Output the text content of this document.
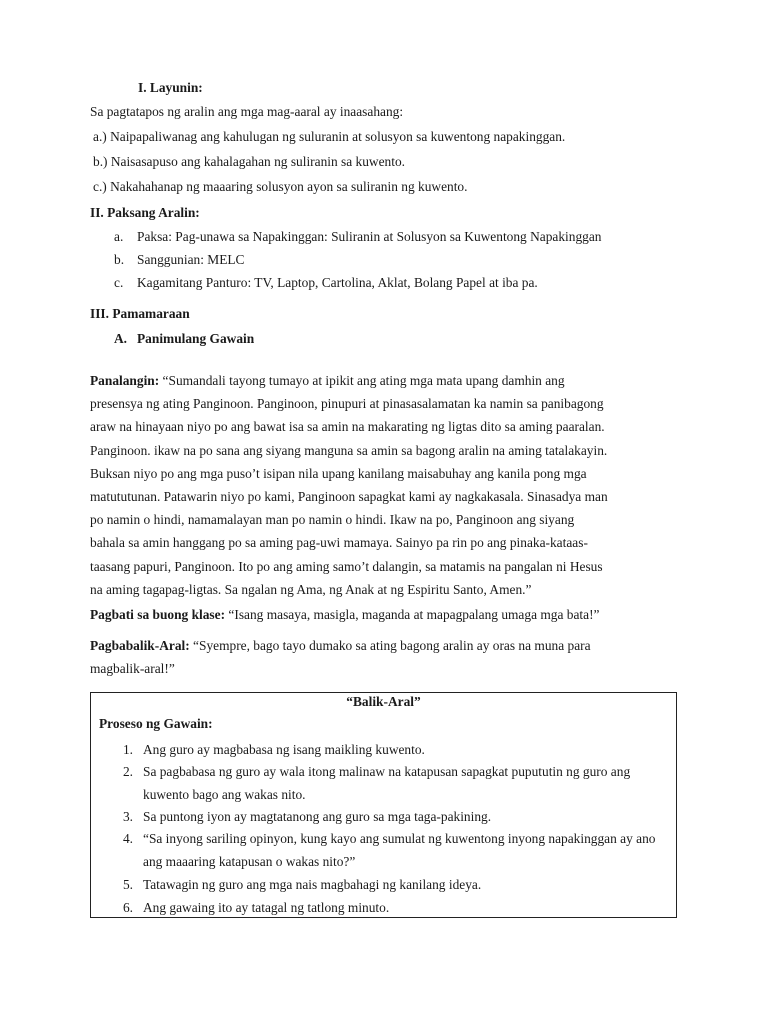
I. Layunin:
Sa pagtatapos ng aralin ang mga mag-aaral ay inaasahang:
a.) Naipapaliwanag ang kahulugan ng suluranin at solusyon sa kuwentong napakinggan.
b.) Naisasapuso ang kahalagahan ng suliranin sa kuwento.
c.) Nakahahanap ng maaaring solusyon ayon sa suliranin ng kuwento.
II. Paksang Aralin:
a. Paksa: Pag-unawa sa Napakinggan: Suliranin at Solusyon sa Kuwentong Napakinggan
b. Sanggunian: MELC
c. Kagamitang Panturo: TV, Laptop, Cartolina, Aklat, Bolang Papel at iba pa.
III. Pamamaraan
A. Panimulang Gawain
Panalangin: “Sumandali tayong tumayo at ipikit ang ating mga mata upang damhin ang
presensya ng ating Panginoon. Panginoon, pinupuri at pinasasalamatan ka namin sa panibagong
araw na hinayaan niyo po ang bawat isa sa amin na makarating ng ligtas dito sa aming paaralan.
Panginoon. ikaw na po sana ang siyang manguna sa amin sa bagong aralin na aming tatalakayin.
Buksan niyo po ang mga puso’t isipan nila upang kanilang maisabuhay ang kanila pong mga
matututunan. Patawarin niyo po kami, Panginoon sapagkat kami ay nagkakasala. Sinasadya man
po namin o hindi, namamalayan man po namin o hindi. Ikaw na po, Panginoon ang siyang
bahala sa amin hanggang po sa aming pag-uwi mamaya. Sainyo pa rin po ang pinaka-kataas-
taasang papuri, Panginoon. Ito po ang aming samo’t dalangin, sa matamis na pangalan ni Hesus
na aming tagapag-ligtas. Sa ngalan ng Ama, ng Anak at ng Espiritu Santo, Amen.”
Pagbati sa buong klase: “Isang masaya, masigla, maganda at mapagpalang umaga mga bata!”
Pagbabalik-Aral: “Syempre, bago tayo dumako sa ating bagong aralin ay oras na muna para
magbalik-aral!”
“Balik-Aral”
Proseso ng Gawain:
1. Ang guro ay magbabasa ng isang maikling kuwento.
2. Sa pagbabasa ng guro ay wala itong malinaw na katapusan sapagkat pupututin ng guro ang kuwento bago ang wakas nito.
3. Sa puntong iyon ay magtatanong ang guro sa mga taga-pakining.
4. “Sa inyong sariling opinyon, kung kayo ang sumulat ng kuwentong inyong napakinggan ay ano ang maaaring katapusan o wakas nito?”
5. Tatawagin ng guro ang mga nais magbahagi ng kanilang ideya.
6. Ang gawaing ito ay tatagal ng tatlong minuto.
